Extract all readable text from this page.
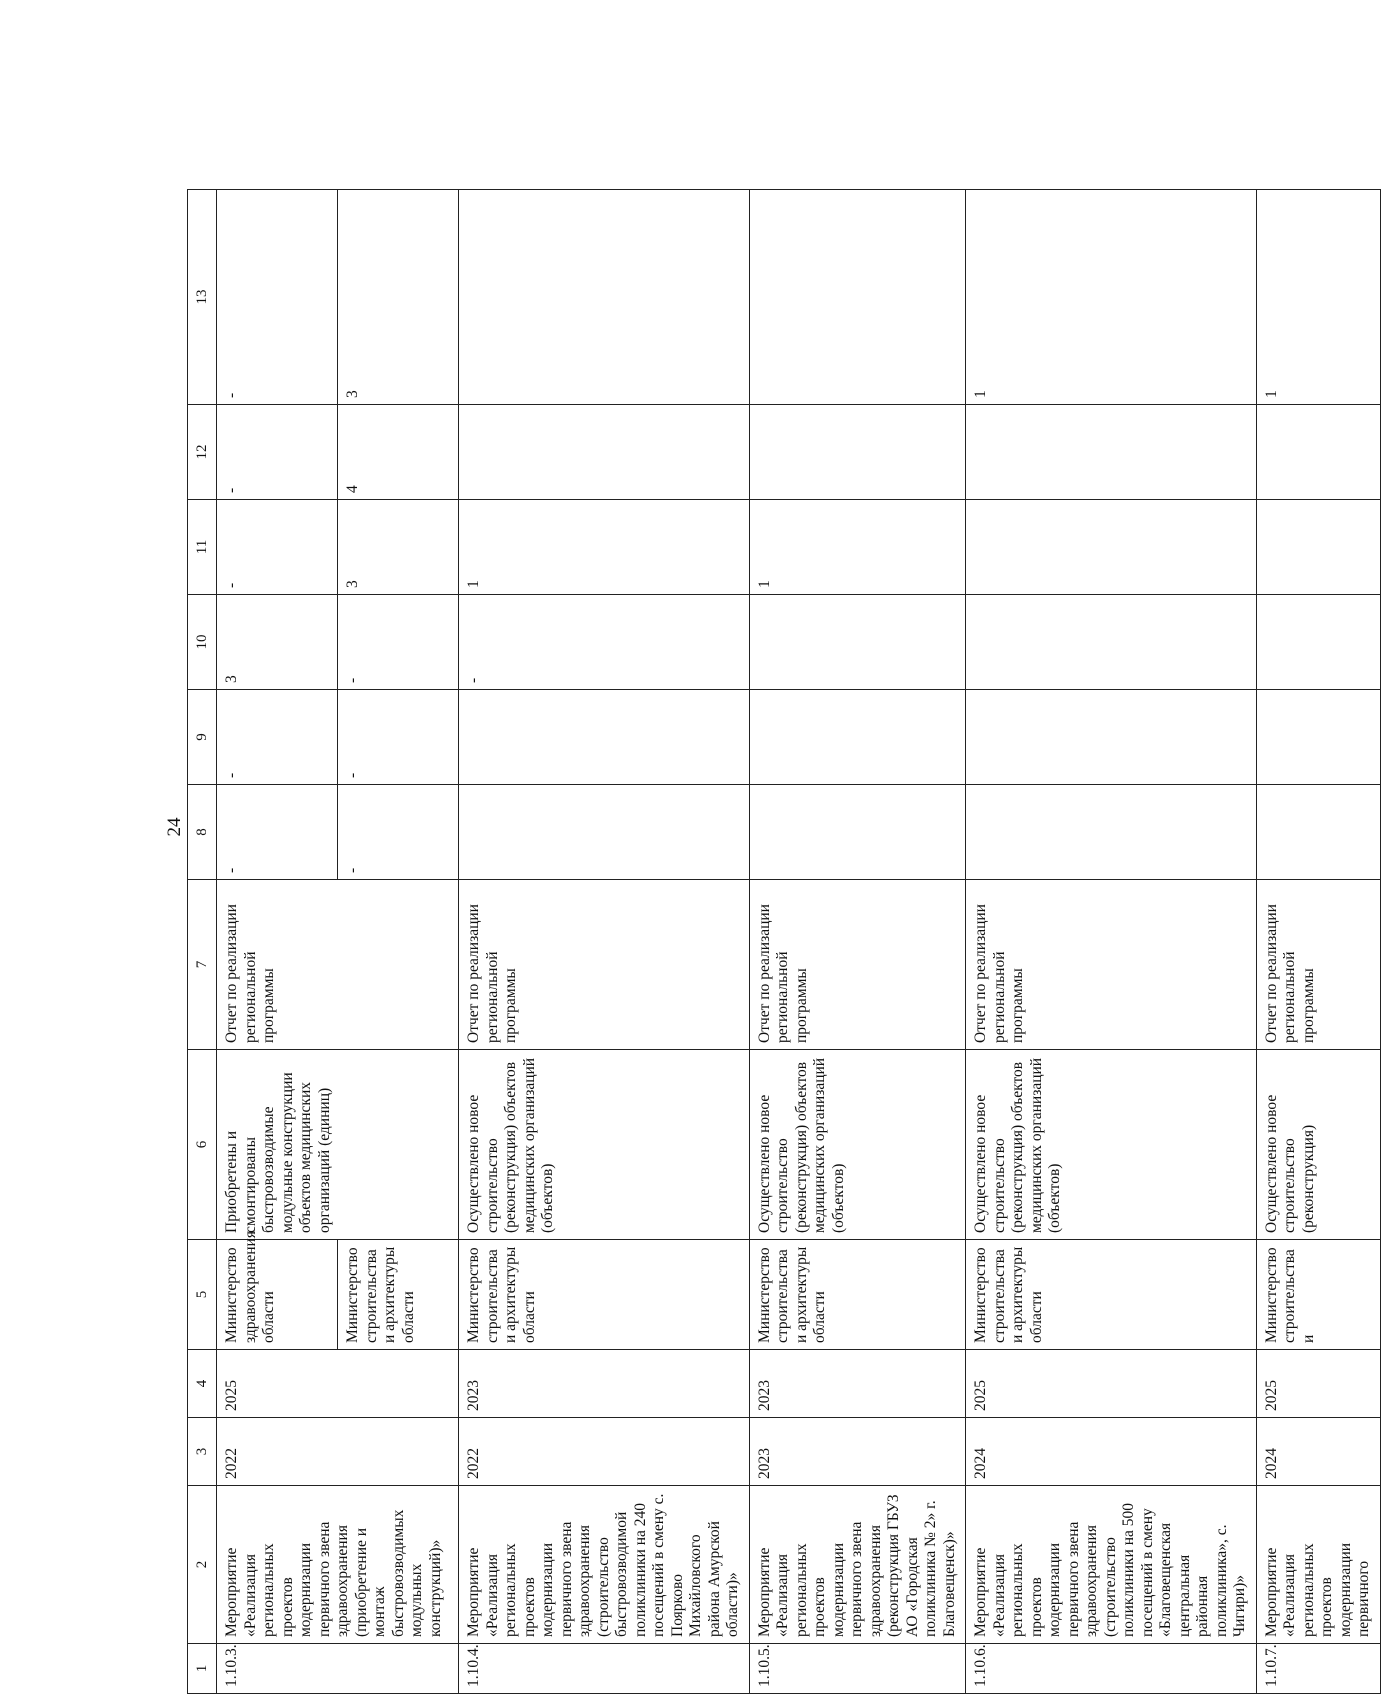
24
1	2	3	4	5	6	7	8	9	10	11	12	13
1.10.3.	Мероприятие «Реализация региональных проектов модернизации первичного звена здравоохранения (приобретение и монтаж быстровозводимых модульных конструкций)»	2022	2025	Министерство здравоохранения области	Приобретены и смонтированы быстровозводимые модульные конструкции объектов медицинских организаций (единиц)	Отчет по реализации региональной программы	-	-	3	-	-	-
				Министерство строительства и архитектуры области			-	-	-	3	4	3
1.10.4.	Мероприятие «Реализация региональных проектов модернизации первичного звена здравоохранения (строительство быстровозводимой поликлиники на 240 посещений в смену с. Поярково Михайловского района Амурской области)»	2022	2023	Министерство строительства и архитектуры области	Осуществлено новое строительство (реконструкция) объектов медицинских организаций (объектов)	Отчет по реализации региональной программы			-	1		
1.10.5.	Мероприятие «Реализация региональных проектов модернизации первичного звена здравоохранения (реконструкция ГБУЗ АО «Городская поликлиника № 2» г. Благовещенск)»	2023	2023	Министерство строительства и архитектуры области	Осуществлено новое строительство (реконструкция) объектов медицинских организаций (объектов)	Отчет по реализации региональной программы				1		
1.10.6.	Мероприятие «Реализация региональных проектов модернизации первичного звена здравоохранения (строительство поликлиники на 500 посещений в смену «Благовещенская центральная районная поликлиника», с. Чигири)»	2024	2025	Министерство строительства и архитектуры области	Осуществлено новое строительство (реконструкция) объектов медицинских организаций (объектов)	Отчет по реализации региональной программы						1
1.10.7.	Мероприятие «Реализация региональных проектов модернизации первичного	2024	2025	Министерство строительства и	Осуществлено новое строительство (реконструкция)	Отчет по реализации региональной программы						1
